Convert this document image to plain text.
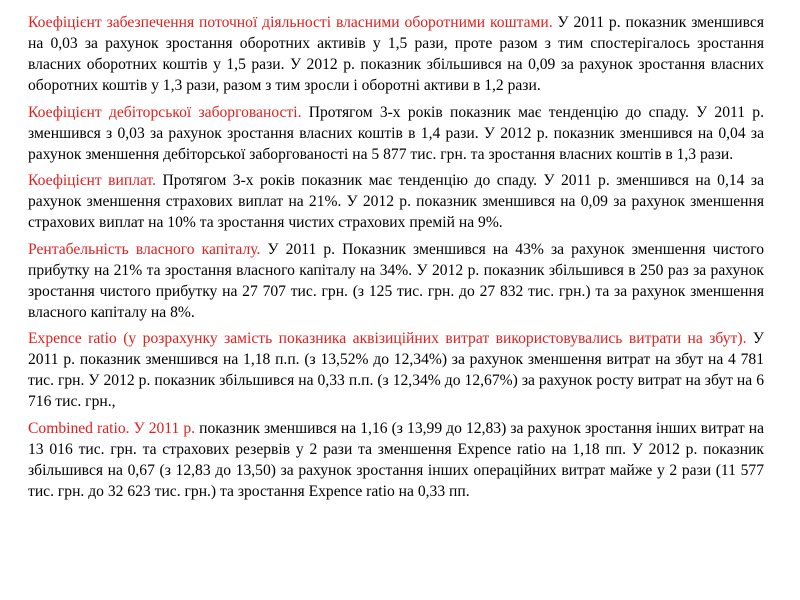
Коефіцієнт забезпечення поточної діяльності власними оборотними коштами. У 2011 р. показник зменшився на 0,03 за рахунок зростання оборотних активів у 1,5 рази, проте разом з тим спостерігалось зростання власних оборотних коштів у 1,5 рази. У 2012 р. показник збільшився на 0,09 за рахунок зростання власних оборотних коштів у 1,3 рази, разом з тим зросли і оборотні активи в 1,2 рази.

Коефіцієнт дебіторської заборгованості. Протягом 3-х років показник має тенденцію до спаду. У 2011 р. зменшився з 0,03 за рахунок зростання власних коштів в 1,4 рази. У 2012 р. показник зменшився на 0,04 за рахунок зменшення дебіторської заборгованості на 5 877 тис. грн. та зростання власних коштів в 1,3 рази.

Коефіцієнт виплат. Протягом 3-х років показник має тенденцію до спаду. У 2011 р. зменшився на 0,14 за рахунок зменшення страхових виплат на 21%. У 2012 р. показник зменшився на 0,09 за рахунок зменшення страхових виплат на 10% та зростання чистих страхових премій на 9%.

Рентабельність власного капіталу. У 2011 р. Показник зменшився на 43% за рахунок зменшення чистого прибутку на 21% та зростання власного капіталу на 34%. У 2012 р. показник збільшився в 250 раз за рахунок зростання чистого прибутку на 27 707 тис. грн. (з 125 тис. грн. до 27 832 тис. грн.) та за рахунок зменшення власного капіталу на 8%.

Expence ratio (у розрахунку замість показника аквізиційних витрат використовувались витрати на збут). У 2011 р. показник зменшився на 1,18 п.п. (з 13,52% до 12,34%) за рахунок зменшення витрат на збут на 4 781 тис. грн. У 2012 р. показник збільшився на 0,33 п.п. (з 12,34% до 12,67%) за рахунок росту витрат на збут на 6 716 тис. грн.,

Combined ratio. У 2011 р. показник зменшився на 1,16 (з 13,99 до 12,83) за рахунок зростання інших витрат на 13 016 тис. грн. та страхових резервів у 2 рази та зменшення Expence ratio на 1,18 пп. У 2012 р. показник збільшився на 0,67 (з 12,83 до 13,50) за рахунок зростання інших операційних витрат майже у 2 рази (11 577 тис. грн. до 32 623 тис. грн.) та зростання Expence ratio на 0,33 пп.
